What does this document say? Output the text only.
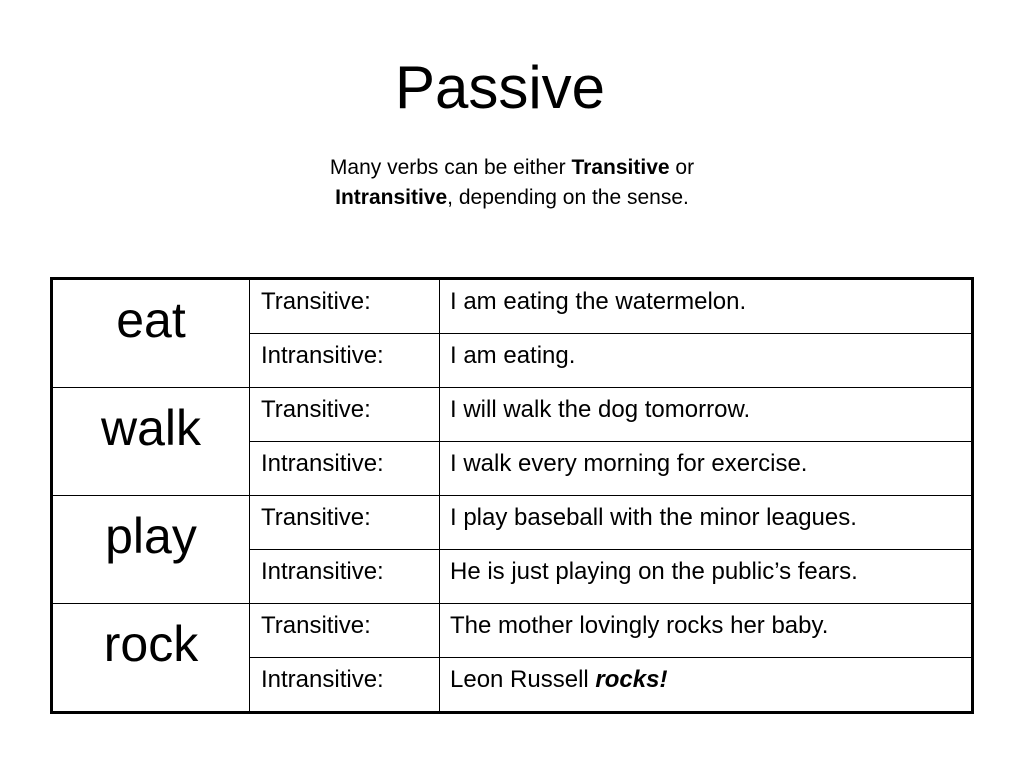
Passive
Many verbs can be either Transitive or
Intransitive, depending on the sense.
eat	Transitive:	I am eating the watermelon.
	Intransitive:	I am eating.
walk	Transitive:	I will walk the dog tomorrow.
	Intransitive:	I walk every morning for exercise.
play	Transitive:	I play baseball with the minor leagues.
	Intransitive:	He is just playing on the public’s fears.
rock	Transitive:	The mother lovingly rocks her baby.
	Intransitive:	Leon Russell rocks!
